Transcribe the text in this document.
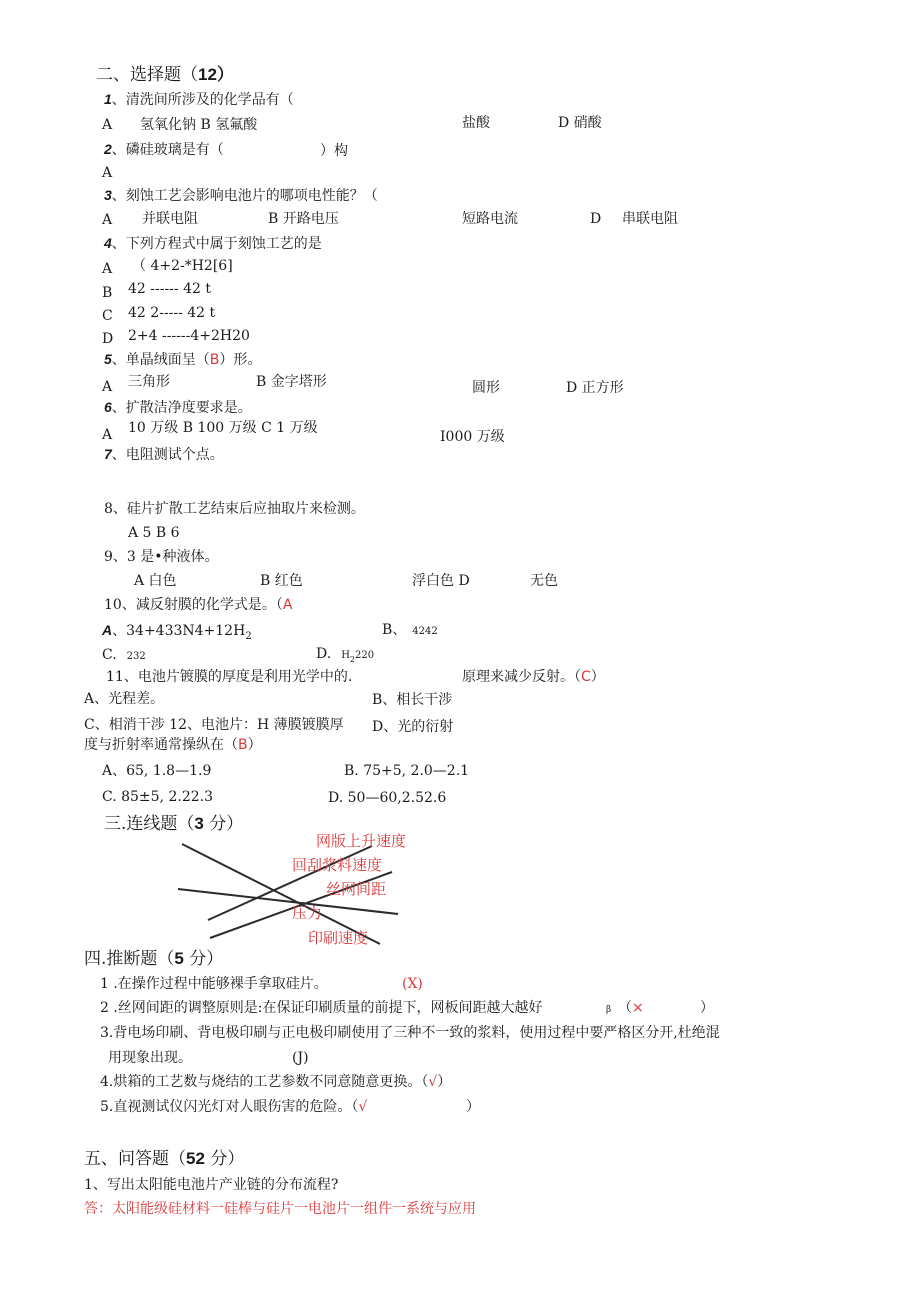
二、选择题（12）
1、清洗间所涉及的化学品有（
A 氢氧化钠 B 氢氟酸	盐酸	D 硝酸
2、磷硅玻璃是有（	）构
A
3、刻蚀工艺会影响电池片的哪项电性能？（
A 并联电阻	B 开路电压	短路电流	D 串联电阻
4、下列方程式中属于刻蚀工艺的是
A （ 4+2-*H2[6]
B 42 ------ 42 t
C 42 2----- 42 t
D 2+4 ------4+2H20
5、单晶绒面呈（B）形。
A 三角形	B 金字塔形	圆形	D 正方形
6、扩散洁净度要求是。
A 10 万级 B 100 万级 C 1 万级
I000 万级
7、电阻测试个点。
8、硅片扩散工艺结束后应抽取片来检测。
A 5 B 6
9、3 是•种液体。
A 白色	B 红色	浮白色 D	无色
10、减反射膜的化学式是。（A
A、$34+433N4+12H_2$	B、 4242
C. 232	D. $H_2220$
11、电池片镀膜的厚度是利用光学中的.	原理来减少反射。（C）
A、光程差。	B、相长干涉
C、相消干涉 12、电池片：H 薄膜镀膜厚 D、光的衍射
度与折射率通常操纵在（B）
A、65, 1.8—1.9	B. 75+5, 2.0—2.1
C. 85±5, 2.22.3	D. 50—60,2.52.6
三.连线题（3 分）
网版上升速度
回刮浆料速度
丝网间距
压力
印刷速度
四.推断题（5 分）
1 .在操作过程中能够裸手拿取硅片。	(X)
2 .丝网间距的调整原则是:在保证印刷质量的前提下，网板间距越大越好	β （×	）
3.背电场印刷、背电极印刷与正电极印刷使用了三种不一致的浆料，使用过程中要严格区分开,杜绝混
用现象出现。	(J)
4.烘箱的工艺数与烧结的工艺参数不同意随意更换。（√）
5.直视测试仪闪光灯对人眼伤害的危险。（√	）
五、问答题（52 分）
1、写出太阳能电池片产业链的分布流程?
答：太阳能级硅材料一硅棒与硅片一电池片一组件一系统与应用
